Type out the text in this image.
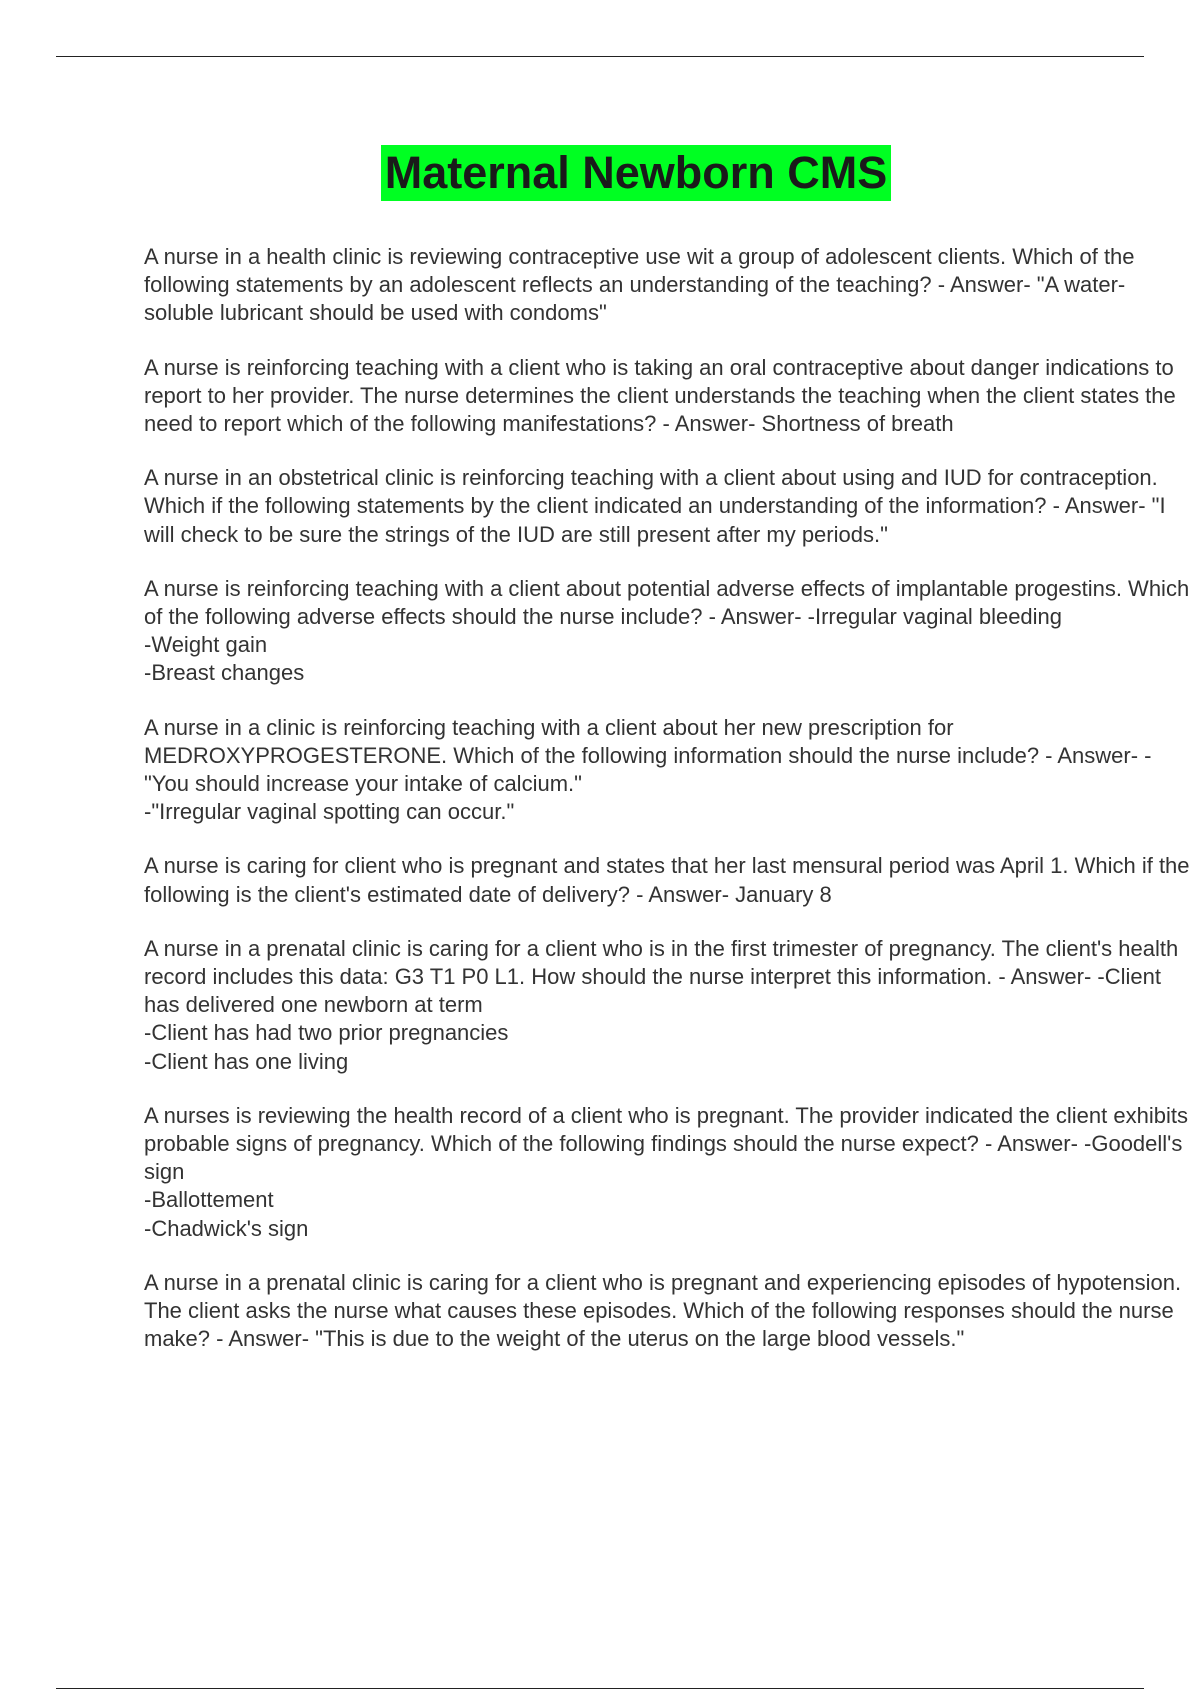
Maternal Newborn CMS

A nurse in a health clinic is reviewing contraceptive use wit a group of adolescent clients. Which of the following statements by an adolescent reflects an understanding of the teaching? - Answer- "A water-soluble lubricant should be used with condoms"

A nurse is reinforcing teaching with a client who is taking an oral contraceptive about danger indications to report to her provider. The nurse determines the client understands the teaching when the client states the need to report which of the following manifestations? - Answer- Shortness of breath

A nurse in an obstetrical clinic is reinforcing teaching with a client about using and IUD for contraception. Which if the following statements by the client indicated an understanding of the information? - Answer- "I will check to be sure the strings of the IUD are still present after my periods."

A nurse is reinforcing teaching with a client about potential adverse effects of implantable progestins. Which of the following adverse effects should the nurse include? - Answer- -Irregular vaginal bleeding
-Weight gain
-Breast changes

A nurse in a clinic is reinforcing teaching with a client about her new prescription for MEDROXYPROGESTERONE. Which of the following information should the nurse include? - Answer- -"You should increase your intake of calcium."
-"Irregular vaginal spotting can occur."

A nurse is caring for client who is pregnant and states that her last mensural period was April 1. Which if the following is the client's estimated date of delivery? - Answer- January 8

A nurse in a prenatal clinic is caring for a client who is in the first trimester of pregnancy. The client's health record includes this data: G3 T1 P0 L1. How should the nurse interpret this information. - Answer- -Client has delivered one newborn at term
-Client has had two prior pregnancies
-Client has one living

A nurses is reviewing the health record of a client who is pregnant. The provider indicated the client exhibits probable signs of pregnancy. Which of the following findings should the nurse expect? - Answer- -Goodell's sign
-Ballottement
-Chadwick's sign

A nurse in a prenatal clinic is caring for a client who is pregnant and experiencing episodes of hypotension. The client asks the nurse what causes these episodes. Which of the following responses should the nurse make? - Answer- "This is due to the weight of the uterus on the large blood vessels."
